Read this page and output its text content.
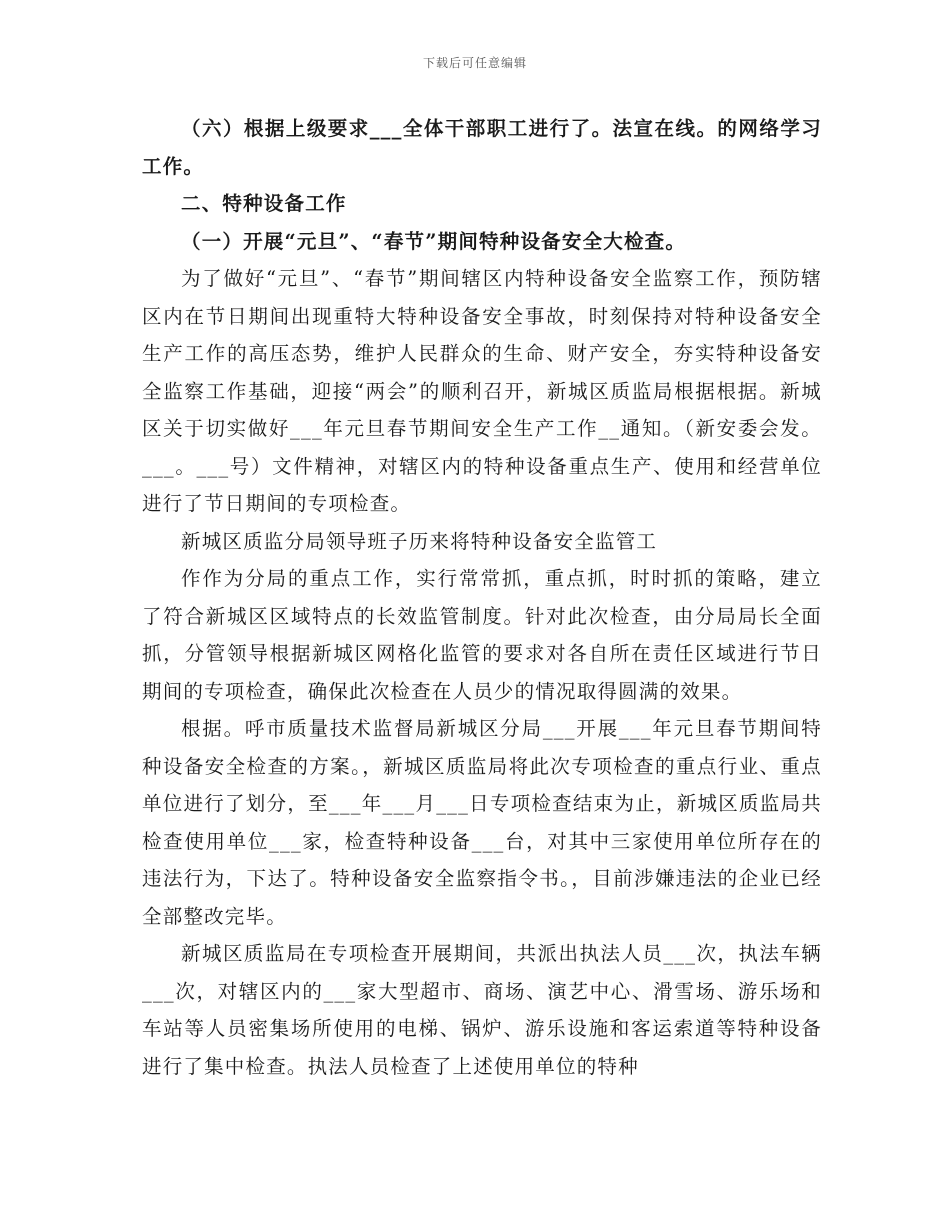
下载后可任意编辑

（六）根据上级要求___全体干部职工进行了。法宣在线。的网络学习工作。

二、特种设备工作

（一）开展“元旦”、“春节”期间特种设备安全大检查。

为了做好“元旦”、“春节”期间辖区内特种设备安全监察工作，预防辖区内在节日期间出现重特大特种设备安全事故，时刻保持对特种设备安全生产工作的高压态势，维护人民群众的生命、财产安全，夯实特种设备安全监察工作基础，迎接“两会”的顺利召开，新城区质监局根据根据。新城区关于切实做好___年元旦春节期间安全生产工作__通知。（新安委会发。___。___号）文件精神，对辖区内的特种设备重点生产、使用和经营单位进行了节日期间的专项检查。

新城区质监分局领导班子历来将特种设备安全监管工

作作为分局的重点工作，实行常常抓，重点抓，时时抓的策略，建立了符合新城区区域特点的长效监管制度。针对此次检查，由分局局长全面抓，分管领导根据新城区网格化监管的要求对各自所在责任区域进行节日期间的专项检查，确保此次检查在人员少的情况取得圆满的效果。

根据。呼市质量技术监督局新城区分局___开展___年元旦春节期间特种设备安全检查的方案。，新城区质监局将此次专项检查的重点行业、重点单位进行了划分，至___年___月___日专项检查结束为止，新城区质监局共检查使用单位___家，检查特种设备___台，对其中三家使用单位所存在的违法行为，下达了。特种设备安全监察指令书。，目前涉嫌违法的企业已经全部整改完毕。

新城区质监局在专项检查开展期间，共派出执法人员___次，执法车辆___次，对辖区内的___家大型超市、商场、演艺中心、滑雪场、游乐场和车站等人员密集场所使用的电梯、锅炉、游乐设施和客运索道等特种设备进行了集中检查。执法人员检查了上述使用单位的特种
